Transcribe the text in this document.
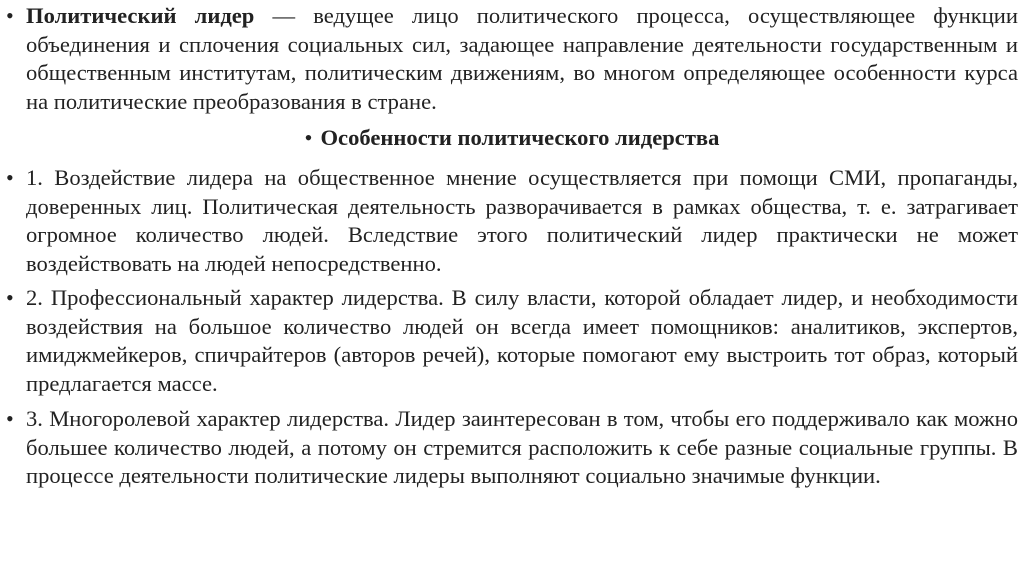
• Политический лидер — ведущее лицо политического процесса, осуществляющее функции объединения и сплочения социальных сил, задающее направление деятельности государственным и общественным институтам, политическим движениям, во многом определяющее особенности курса на политические преобразования в стране.

• Особенности политического лидерства
• 1. Воздействие лидера на общественное мнение осуществляется при помощи СМИ, пропаганды, доверенных лиц. Политическая деятельность разворачивается в рамках общества, т. е. затрагивает огромное количество людей. Вследствие этого политический лидер практически не может воздействовать на людей непосредственно.

• 2. Профессиональный характер лидерства. В силу власти, которой обладает лидер, и необходимости воздействия на большое количество людей он всегда имеет помощников: аналитиков, экспертов, имиджмейкеров, спичрайтеров (авторов речей), которые помогают ему выстроить тот образ, который предлагается массе.

• 3. Многоролевой характер лидерства. Лидер заинтересован в том, чтобы его поддерживало как можно большее количество людей, а потому он стремится расположить к себе разные социальные группы. В процессе деятельности политические лидеры выполняют социально значимые функции.
